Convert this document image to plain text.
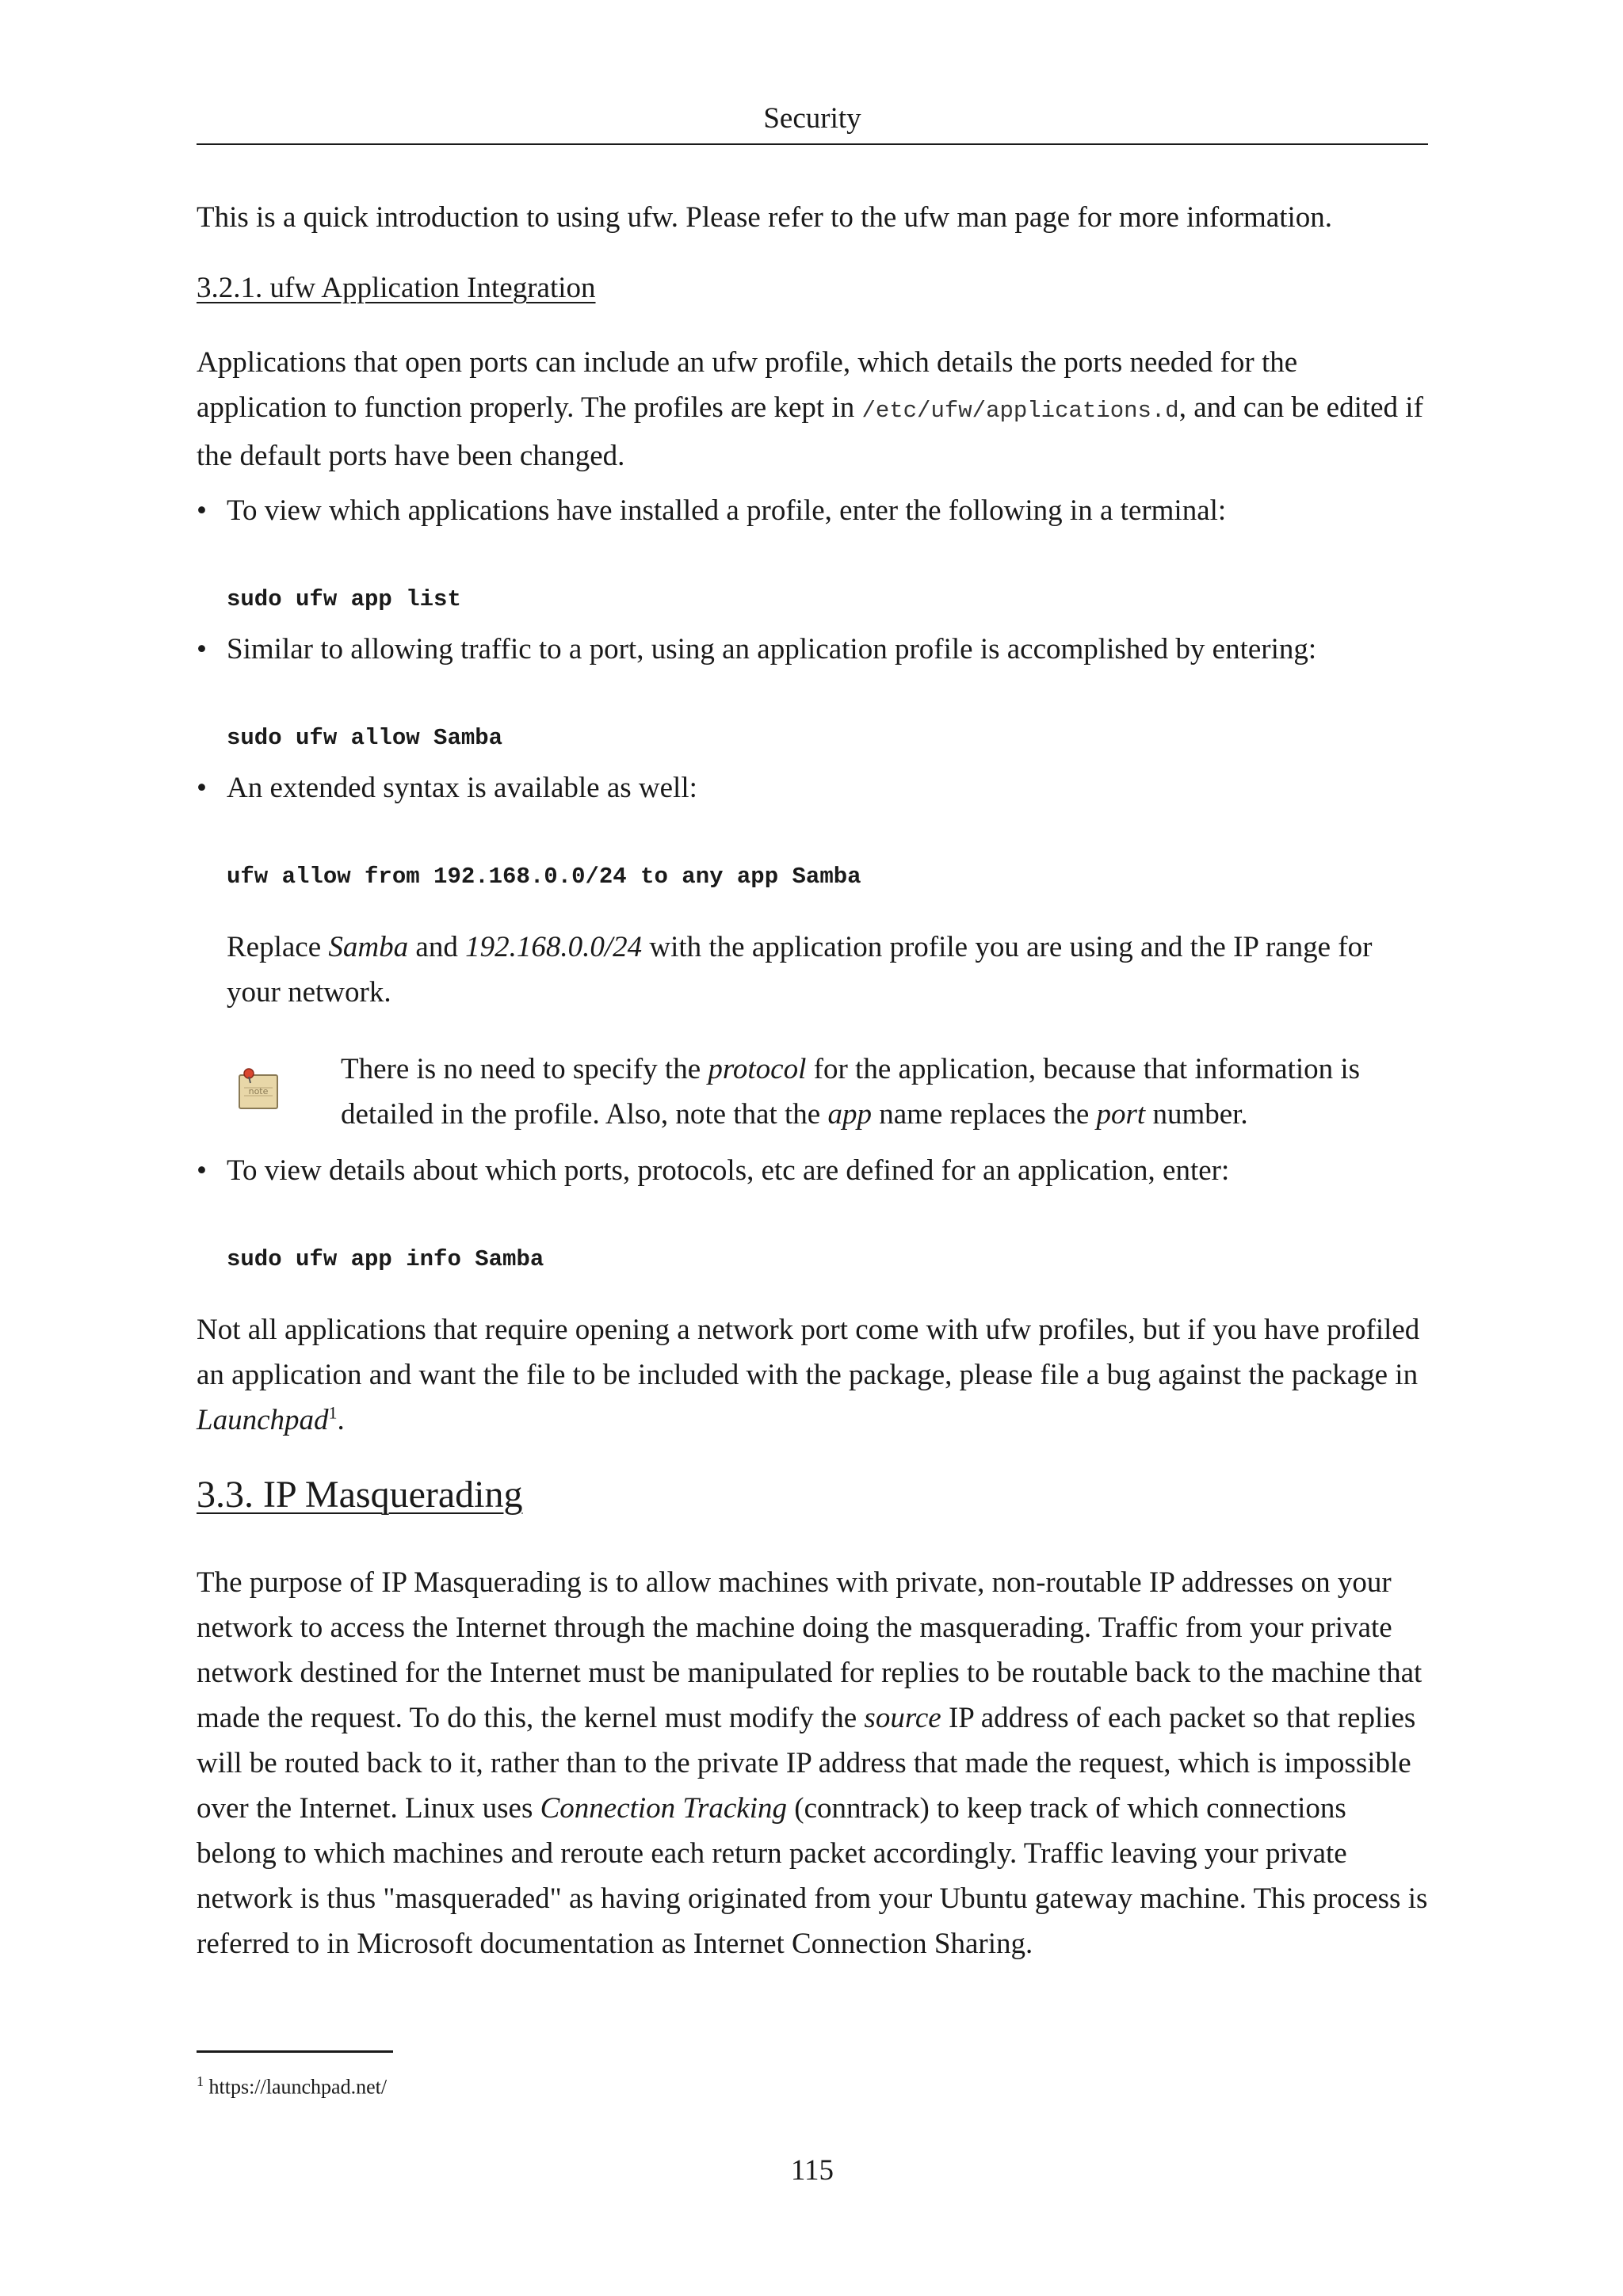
Security

This is a quick introduction to using ufw. Please refer to the ufw man page for more information.

3.2.1. ufw Application Integration

Applications that open ports can include an ufw profile, which details the ports needed for the application to function properly. The profiles are kept in /etc/ufw/applications.d, and can be edited if the default ports have been changed.

• To view which applications have installed a profile, enter the following in a terminal:
sudo ufw app list
• Similar to allowing traffic to a port, using an application profile is accomplished by entering:
sudo ufw allow Samba
• An extended syntax is available as well:
ufw allow from 192.168.0.0/24 to any app Samba

Replace Samba and 192.168.0.0/24 with the application profile you are using and the IP range for your network.

note

There is no need to specify the protocol for the application, because that information is detailed in the profile. Also, note that the app name replaces the port number.

• To view details about which ports, protocols, etc are defined for an application, enter:
sudo ufw app info Samba

Not all applications that require opening a network port come with ufw profiles, but if you have profiled an application and want the file to be included with the package, please file a bug against the package in Launchpad$^1$.

3.3. IP Masquerading

The purpose of IP Masquerading is to allow machines with private, non-routable IP addresses on your network to access the Internet through the machine doing the masquerading. Traffic from your private network destined for the Internet must be manipulated for replies to be routable back to the machine that made the request. To do this, the kernel must modify the source IP address of each packet so that replies will be routed back to it, rather than to the private IP address that made the request, which is impossible over the Internet. Linux uses Connection Tracking (conntrack) to keep track of which connections belong to which machines and reroute each return packet accordingly. Traffic leaving your private network is thus "masqueraded" as having originated from your Ubuntu gateway machine. This process is referred to in Microsoft documentation as Internet Connection Sharing.

$^1$ https://launchpad.net/
115
